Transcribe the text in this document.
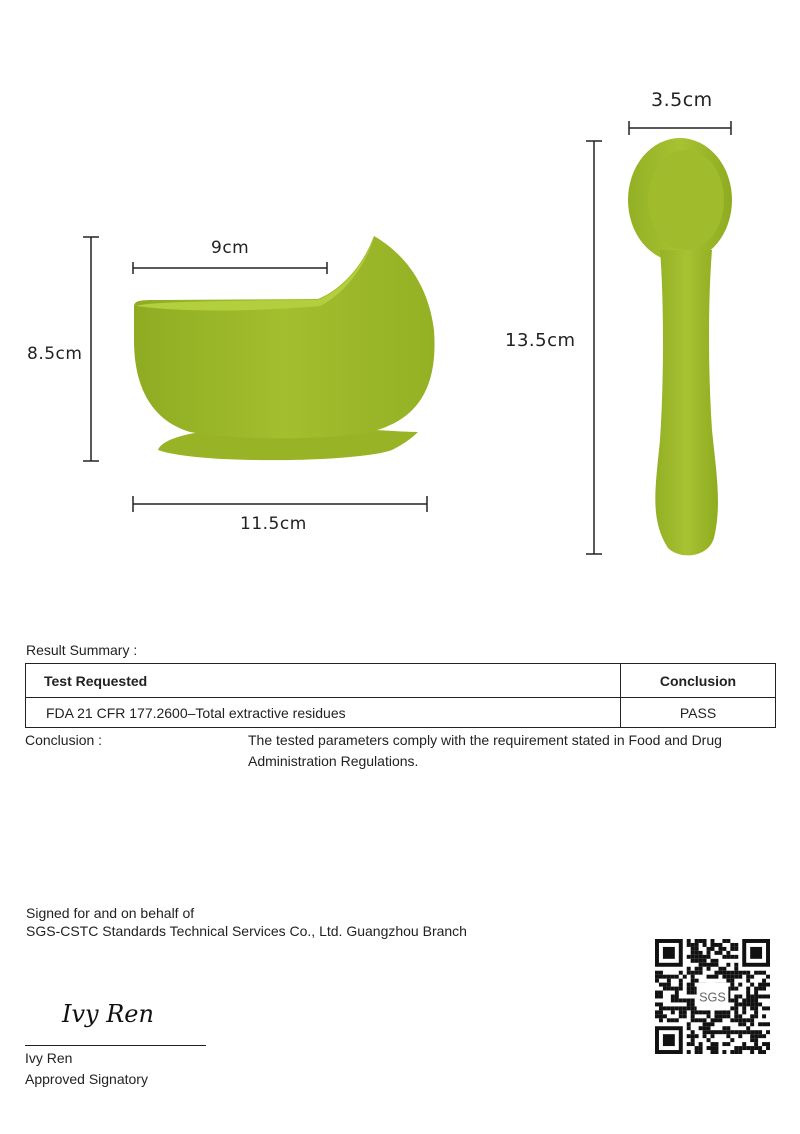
9cm
8.5cm
11.5cm
3.5cm
13.5cm
Result Summary :
Test Requested	Conclusion
FDA 21 CFR 177.2600–Total extractive residues	PASS
Conclusion :	The tested parameters comply with the requirement stated in Food and Drug
Administration Regulations.
Signed for and on behalf of
SGS-CSTC Standards Technical Services Co., Ltd. Guangzhou Branch
Ivy Ren
Ivy Ren
Approved Signatory
SGS
